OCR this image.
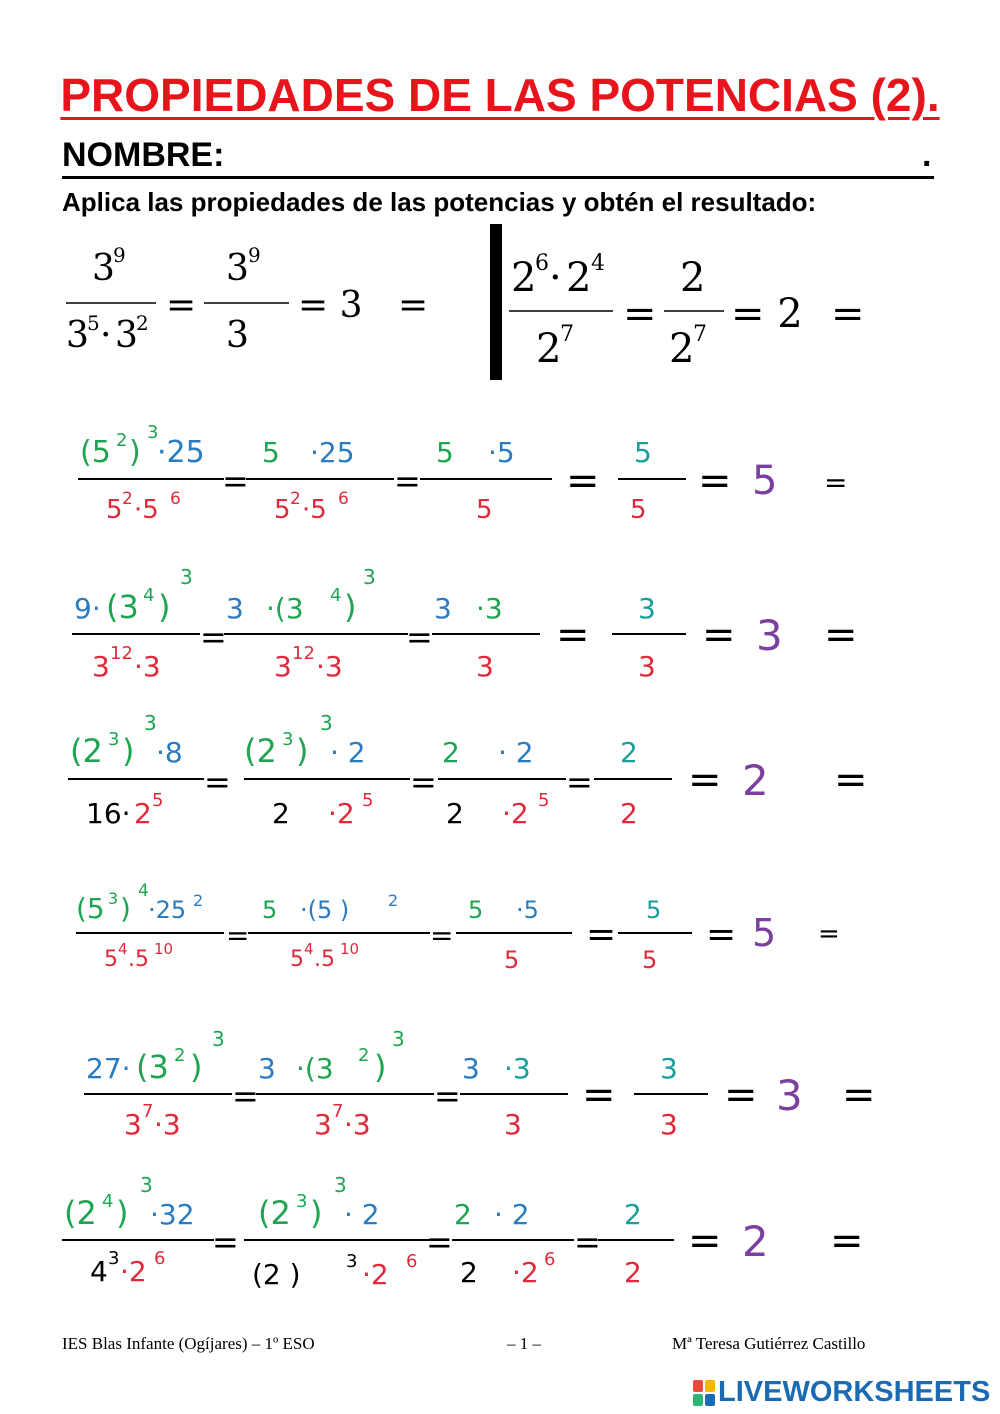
PROPIEDADES DE LAS POTENCIAS (2).
NOMBRE:	.
Aplica las propiedades de las potencias y obtén el resultado:
3
9
3
5 · 3
2 =
3 9
3
= 3 =
2
6 · 2 4
2
7 =
2
2
7 = 2 =
(5 2 )
3
·25
5 2 ·5 6 =
5 ·25
5 2 ·5 6 =
5 ·5
5
=
5
5
= 5 =
9· (3 4 )
3
3 12 ·3
=
3 ·(3 4 )
3
3 12 ·3
=
3 ·3
3
=
3
3
= 3 =
(2 3 )
3
·8
16· 2 5 =
(2 3 )
3
· 2
2 ·2 5 =
2 · 2
2 ·2 5 =
2
2
= 2 =
(5 3 )
4
·25 2
5 4 .5 10 =
5 ·(5 ) 2
5 4 .5 10	=
5 ·5
5
=
5
5
= 5 =
27· (3 2 )
3
3 7 ·3
=
3 ·(3 2 )
3
3 7 ·3
=
3 ·3
3
=
3
3
= 3 =
(2 4 )
3
·32
4 3 ·2 6 =
(2 3 )
3
· 2
(2 )	3 ·2 6
=
2 · 2
2 ·2 6 =
2
2
= 2 =
IES Blas Infante (Ogíjares) – 1º ESO	– 1 –	Mª Teresa Gutiérrez Castillo
LIVEWORKSHEETS
